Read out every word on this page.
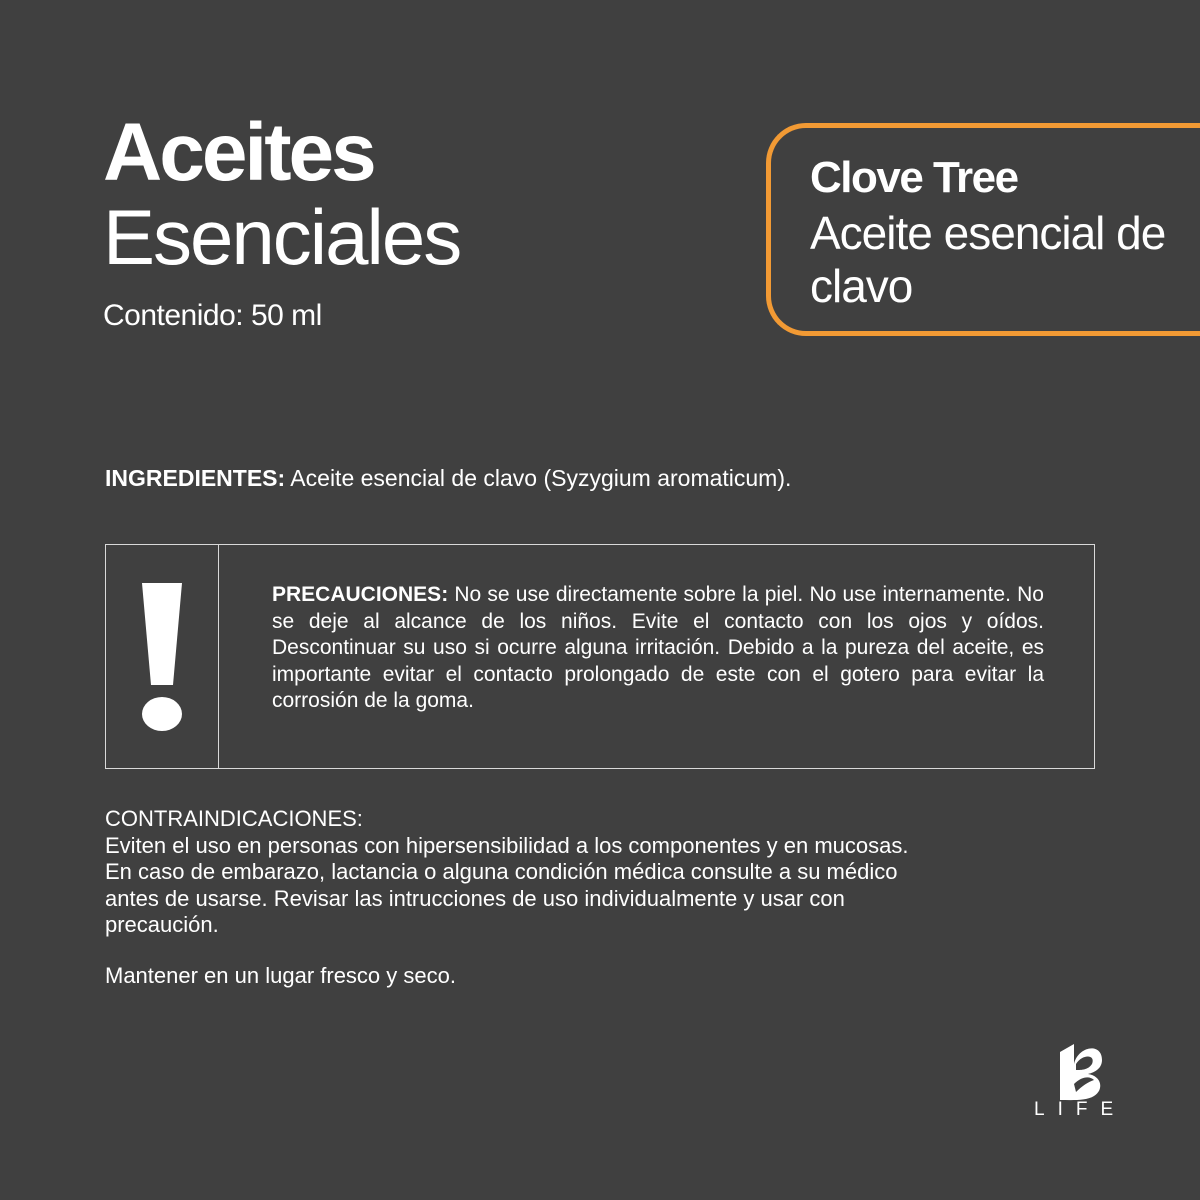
Aceites
Esenciales
Contenido: 50 ml
Clove Tree
Aceite esencial de clavo
INGREDIENTES: Aceite esencial de clavo (Syzygium aromaticum).
PRECAUCIONES: No se use directamente sobre la piel. No use internamente. No se deje al alcance de los niños. Evite el contacto con los ojos y oídos. Descontinuar su uso si ocurre alguna irritación. Debido a la pureza del aceite, es importante evitar el contacto prolongado de este con el gotero para evitar la corrosión de la goma.
CONTRAINDICACIONES:
Eviten el uso en personas con hipersensibilidad a los componentes y en mucosas. En caso de embarazo, lactancia o alguna condición médica consulte a su médico antes de usarse. Revisar las intrucciones de uso individualmente y usar con precaución.
Mantener en un lugar fresco y seco.
LIFE
